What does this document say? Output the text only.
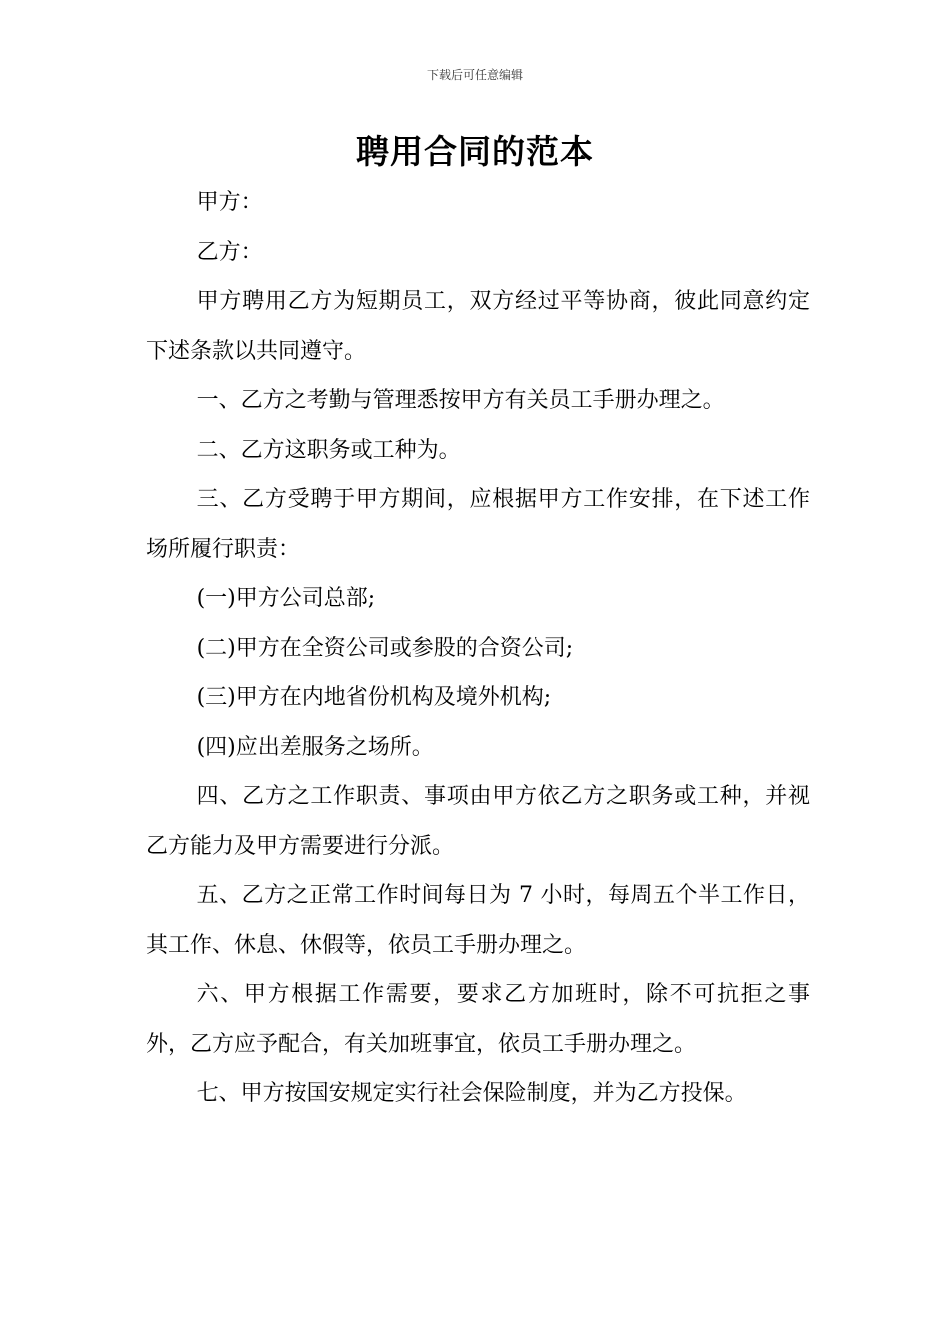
下载后可任意编辑
聘用合同的范本

甲方：

乙方：

甲方聘用乙方为短期员工，双方经过平等协商，彼此同意约定下述条款以共同遵守。

一、乙方之考勤与管理悉按甲方有关员工手册办理之。

二、乙方这职务或工种为。

三、乙方受聘于甲方期间，应根据甲方工作安排，在下述工作场所履行职责：

(一)甲方公司总部;

(二)甲方在全资公司或参股的合资公司;

(三)甲方在内地省份机构及境外机构;

(四)应出差服务之场所。

四、乙方之工作职责、事项由甲方依乙方之职务或工种，并视乙方能力及甲方需要进行分派。

五、乙方之正常工作时间每日为 7 小时，每周五个半工作日，其工作、休息、休假等，依员工手册办理之。

六、甲方根据工作需要，要求乙方加班时，除不可抗拒之事外，乙方应予配合，有关加班事宜，依员工手册办理之。

七、甲方按国安规定实行社会保险制度，并为乙方投保。
